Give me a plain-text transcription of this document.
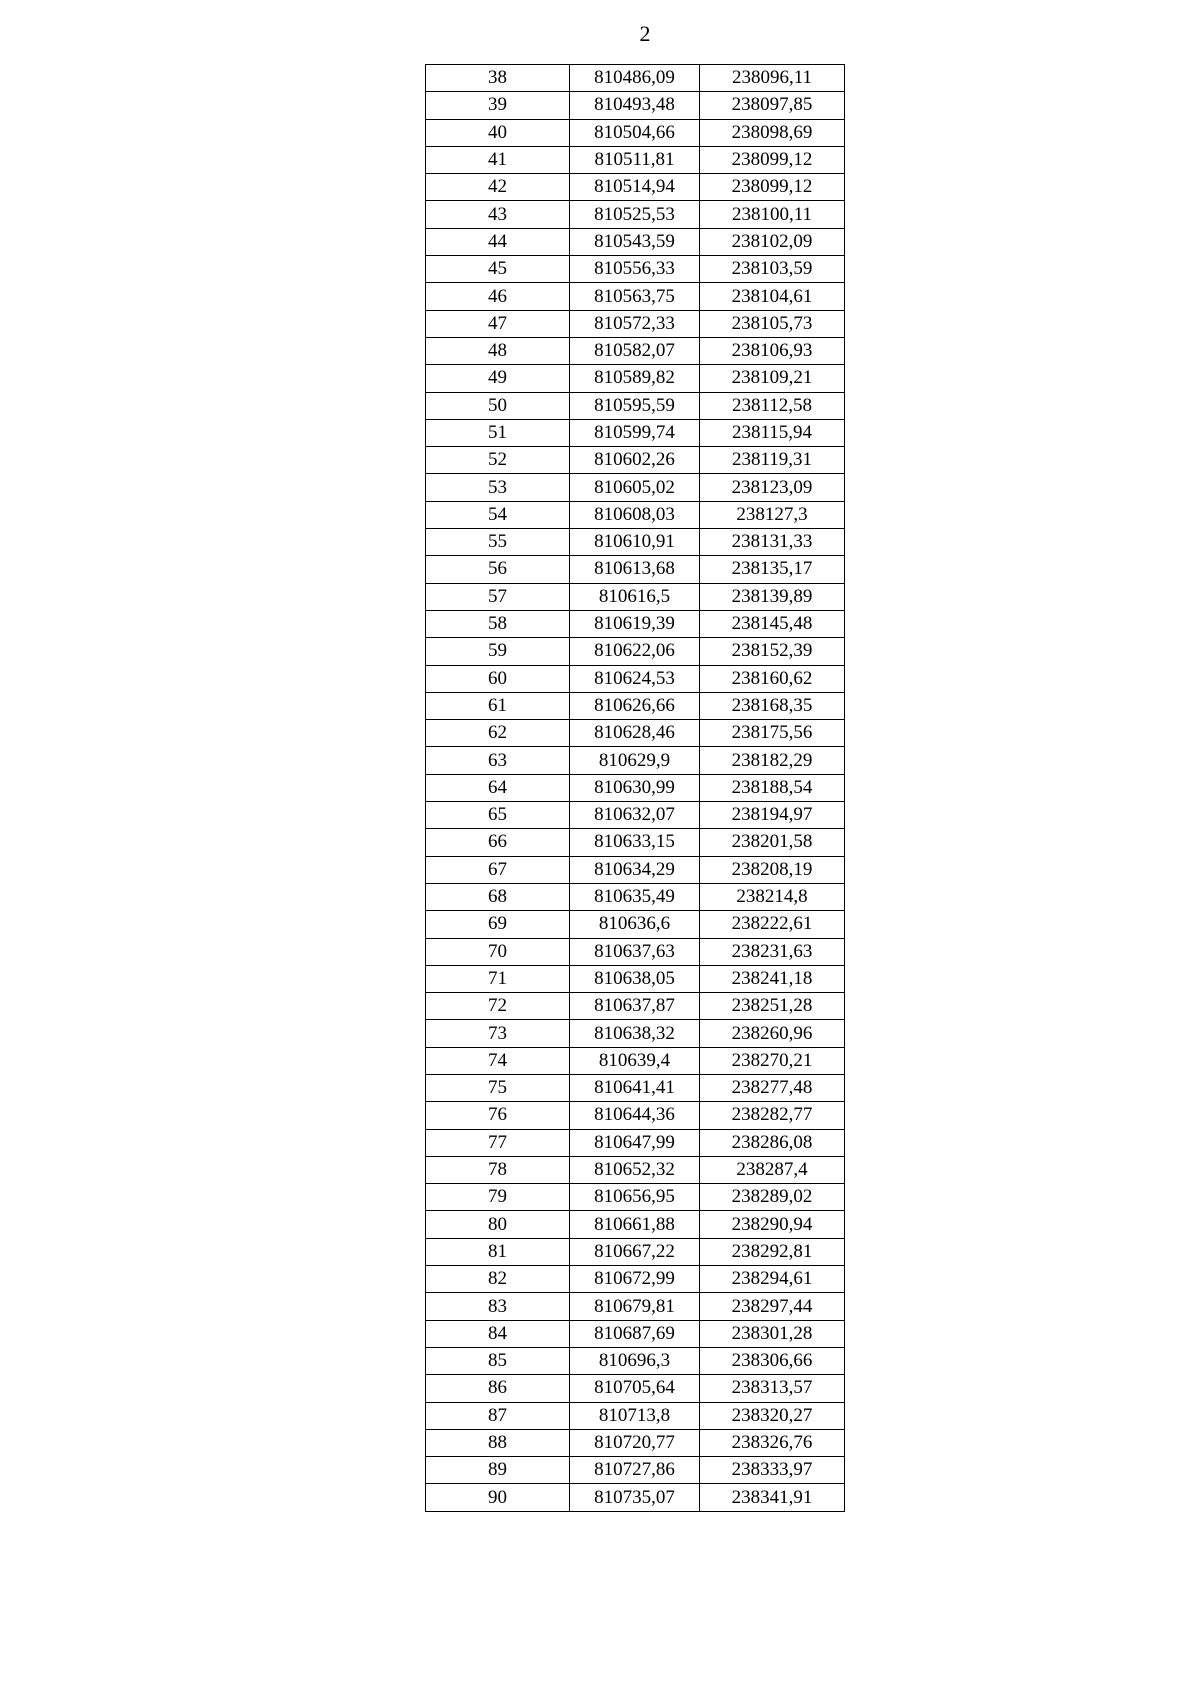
2
38	810486,09	238096,11
39	810493,48	238097,85
40	810504,66	238098,69
41	810511,81	238099,12
42	810514,94	238099,12
43	810525,53	238100,11
44	810543,59	238102,09
45	810556,33	238103,59
46	810563,75	238104,61
47	810572,33	238105,73
48	810582,07	238106,93
49	810589,82	238109,21
50	810595,59	238112,58
51	810599,74	238115,94
52	810602,26	238119,31
53	810605,02	238123,09
54	810608,03	238127,3
55	810610,91	238131,33
56	810613,68	238135,17
57	810616,5	238139,89
58	810619,39	238145,48
59	810622,06	238152,39
60	810624,53	238160,62
61	810626,66	238168,35
62	810628,46	238175,56
63	810629,9	238182,29
64	810630,99	238188,54
65	810632,07	238194,97
66	810633,15	238201,58
67	810634,29	238208,19
68	810635,49	238214,8
69	810636,6	238222,61
70	810637,63	238231,63
71	810638,05	238241,18
72	810637,87	238251,28
73	810638,32	238260,96
74	810639,4	238270,21
75	810641,41	238277,48
76	810644,36	238282,77
77	810647,99	238286,08
78	810652,32	238287,4
79	810656,95	238289,02
80	810661,88	238290,94
81	810667,22	238292,81
82	810672,99	238294,61
83	810679,81	238297,44
84	810687,69	238301,28
85	810696,3	238306,66
86	810705,64	238313,57
87	810713,8	238320,27
88	810720,77	238326,76
89	810727,86	238333,97
90	810735,07	238341,91
